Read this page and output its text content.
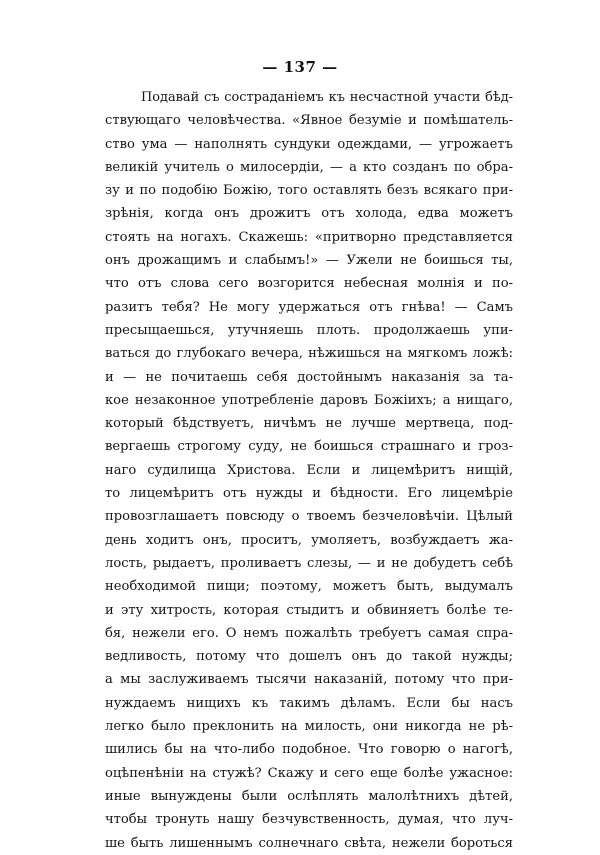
— 137 —
Подавай съ состраданіемъ къ несчастной участи бѣд-
ствующаго человѣчества. «Явное безуміе и помѣшатель-
ство ума — наполнять сундуки одеждами, — угрожаетъ
великій учитель о милосердіи, — а кто созданъ по обра-
зу и по подобію Божію, того оставлять безъ всякаго при-
зрѣнія, когда онъ дрожитъ отъ холода, едва можетъ
стоять на ногахъ. Скажешь: «притворно представляется
онъ дрожащимъ и слабымъ!» — Ужели не боишься ты,
что отъ слова сего возгорится небесная молнія и по-
разитъ тебя? Не могу удержаться отъ гнѣва! — Самъ
пресыщаешься, утучняешь плоть. продолжаешь упи-
ваться до глубокаго вечера, нѣжишься на мягкомъ ложѣ:
и — не почитаешь себя достойнымъ наказанія за та-
кое незаконное употребленіе даровъ Божіихъ; а нищаго,
который бѣдствуетъ, ничѣмъ не лучше мертвеца, под-
вергаешь строгому суду, не боишься страшнаго и гроз-
наго судилища Христова. Если и лицемѣритъ нищій,
то лицемѣритъ отъ нужды и бѣдности. Его лицемѣріе
провозглашаетъ повсюду о твоемъ безчеловѣчіи. Цѣлый
день ходитъ онъ, проситъ, умоляетъ, возбуждаетъ жа-
лость, рыдаетъ, проливаетъ слезы, — и не добудетъ себѣ
необходимой пищи; поэтому, можетъ быть, выдумалъ
и эту хитрость, которая стыдитъ и обвиняетъ болѣе те-
бя, нежели его. О немъ пожалѣть требуетъ самая спра-
ведливость, потому что дошелъ онъ до такой нужды;
а мы заслуживаемъ тысячи наказаній, потому что при-
нуждаемъ нищихъ къ такимъ дѣламъ. Если бы насъ
легко было преклонить на милость, они никогда не рѣ-
шились бы на что-либо подобное. Что говорю о нагогѣ,
оцѣпенѣніи на стужѣ? Скажу и сего еще болѣе ужасное:
иные вынуждены были ослѣплять малолѣтнихъ дѣтей,
чтобы тронуть нашу безчувственность, думая, что луч-
ше быть лишеннымъ солнечнаго свѣта, нежели бороться
